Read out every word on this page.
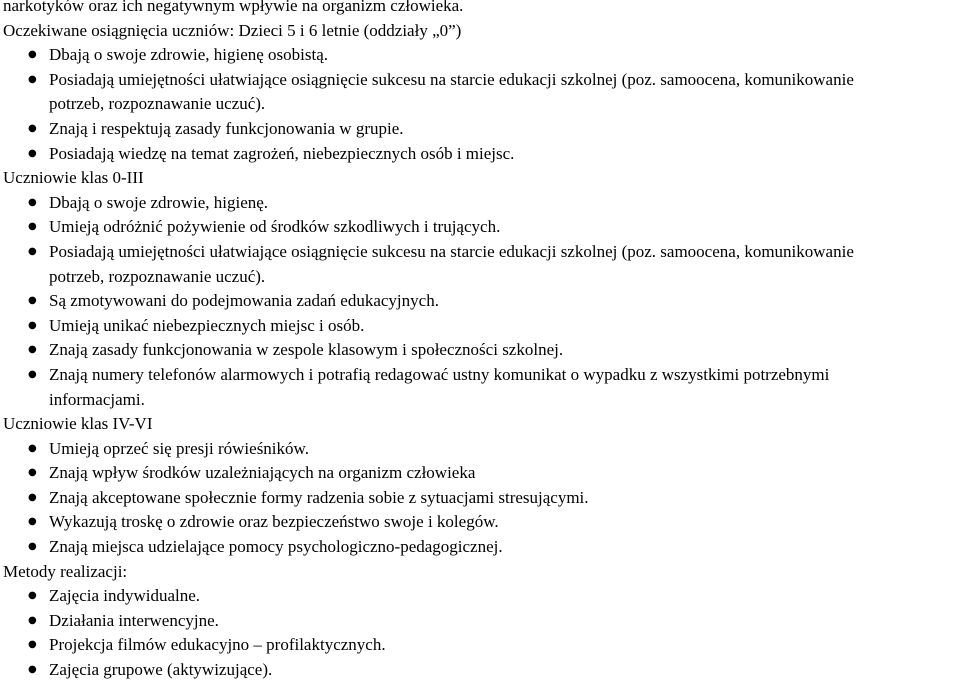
narkotyków oraz ich negatywnym wpływie na organizm człowieka.
Oczekiwane osiągnięcia uczniów: Dzieci 5 i 6 letnie (oddziały „0”)
● Dbają o swoje zdrowie, higienę osobistą.
● Posiadają umiejętności ułatwiające osiągnięcie sukcesu na starcie edukacji szkolnej (poz. samoocena, komunikowanie
potrzeb, rozpoznawanie uczuć).
● Znają i respektują zasady funkcjonowania w grupie.
● Posiadają wiedzę na temat zagrożeń, niebezpiecznych osób i miejsc.
Uczniowie klas 0-III
● Dbają o swoje zdrowie, higienę.
● Umieją odróżnić pożywienie od środków szkodliwych i trujących.
● Posiadają umiejętności ułatwiające osiągnięcie sukcesu na starcie edukacji szkolnej (poz. samoocena, komunikowanie
potrzeb, rozpoznawanie uczuć).
● Są zmotywowani do podejmowania zadań edukacyjnych.
● Umieją unikać niebezpiecznych miejsc i osób.
● Znają zasady funkcjonowania w zespole klasowym i społeczności szkolnej.
● Znają numery telefonów alarmowych i potrafią redagować ustny komunikat o wypadku z wszystkimi potrzebnymi
informacjami.
Uczniowie klas IV-VI
● Umieją oprzeć się presji rówieśników.
● Znają wpływ środków uzależniających na organizm człowieka
● Znają akceptowane społecznie formy radzenia sobie z sytuacjami stresującymi.
● Wykazują troskę o zdrowie oraz bezpieczeństwo swoje i kolegów.
● Znają miejsca udzielające pomocy psychologiczno-pedagogicznej.
Metody realizacji:
● Zajęcia indywidualne.
● Działania interwencyjne.
● Projekcja filmów edukacyjno – profilaktycznych.
● Zajęcia grupowe (aktywizujące).
